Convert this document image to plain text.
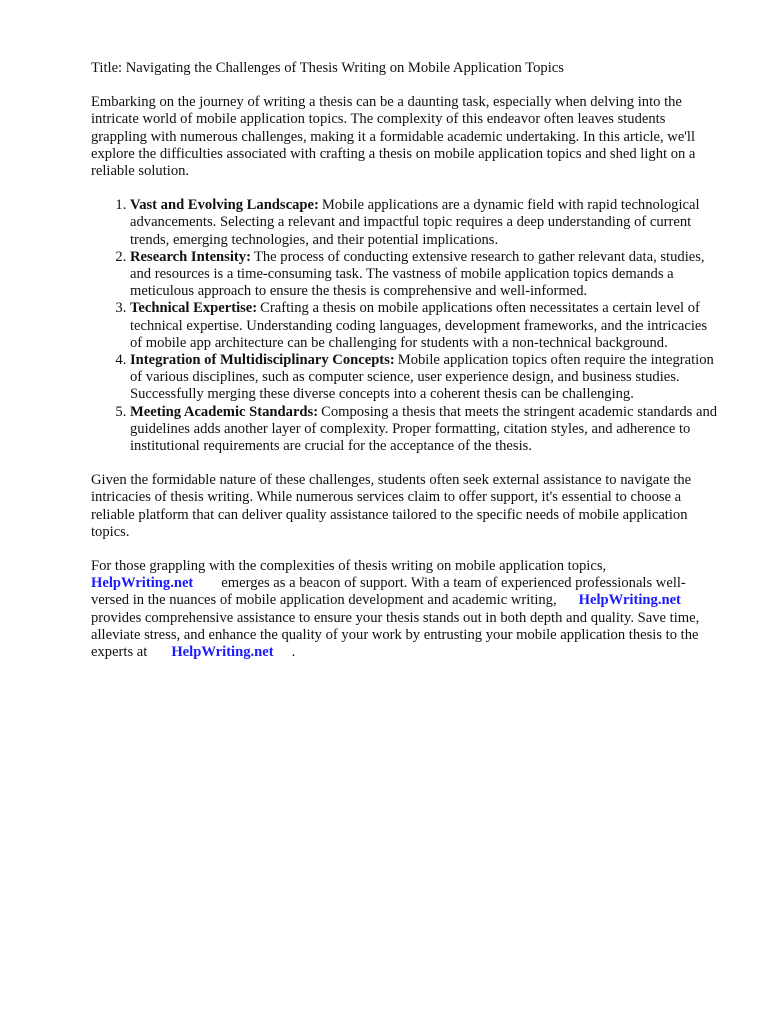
Title: Navigating the Challenges of Thesis Writing on Mobile Application Topics

Embarking on the journey of writing a thesis can be a daunting task, especially when delving into the intricate world of mobile application topics. The complexity of this endeavor often leaves students grappling with numerous challenges, making it a formidable academic undertaking. In this article, we'll explore the difficulties associated with crafting a thesis on mobile application topics and shed light on a reliable solution.

1. Vast and Evolving Landscape: Mobile applications are a dynamic field with rapid technological advancements. Selecting a relevant and impactful topic requires a deep understanding of current trends, emerging technologies, and their potential implications.
2. Research Intensity: The process of conducting extensive research to gather relevant data, studies, and resources is a time-consuming task. The vastness of mobile application topics demands a meticulous approach to ensure the thesis is comprehensive and well-informed.
3. Technical Expertise: Crafting a thesis on mobile applications often necessitates a certain level of technical expertise. Understanding coding languages, development frameworks, and the intricacies of mobile app architecture can be challenging for students with a non-technical background.
4. Integration of Multidisciplinary Concepts: Mobile application topics often require the integration of various disciplines, such as computer science, user experience design, and business studies. Successfully merging these diverse concepts into a coherent thesis can be challenging.
5. Meeting Academic Standards: Composing a thesis that meets the stringent academic standards and guidelines adds another layer of complexity. Proper formatting, citation styles, and adherence to institutional requirements are crucial for the acceptance of the thesis.

Given the formidable nature of these challenges, students often seek external assistance to navigate the intricacies of thesis writing. While numerous services claim to offer support, it's essential to choose a reliable platform that can deliver quality assistance tailored to the specific needs of mobile application topics.

For those grappling with the complexities of thesis writing on mobile application topics,
HelpWriting.net emerges as a beacon of support. With a team of experienced professionals well-versed in the nuances of mobile application development and academic writing, HelpWriting.net provides comprehensive assistance to ensure your thesis stands out in both depth and quality. Save time, alleviate stress, and enhance the quality of your work by entrusting your mobile application thesis to the experts at HelpWriting.net .
